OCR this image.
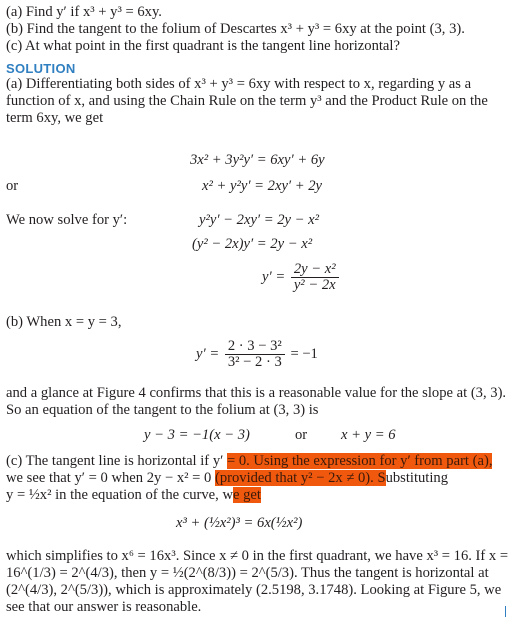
(a) Find y′ if x³ + y³ = 6xy.
(b) Find the tangent to the folium of Descartes x³ + y³ = 6xy at the point (3, 3).
(c) At what point in the first quadrant is the tangent line horizontal?
SOLUTION
(a) Differentiating both sides of x³ + y³ = 6xy with respect to x, regarding y as a function of x, and using the Chain Rule on the term y³ and the Product Rule on the term 6xy, we get
3x² + 3y²y′ = 6xy′ + 6y
or	x² + y²y′ = 2xy′ + 2y
We now solve for y′:	y²y′ − 2xy′ = 2y − x²
(y² − 2x)y′ = 2y − x²
$y' = \frac{\text{2y − x²}}{\text{y² − 2x}}$
(b) When x = y = 3,
$y' = \frac{\text{2 · 3 − 3²}}{\text{3² − 2 · 3}} = -1$
and a glance at Figure 4 confirms that this is a reasonable value for the slope at (3, 3). So an equation of the tangent to the folium at (3, 3) is
y − 3 = −1(x − 3)	or x + y = 6
(c) The tangent line is horizontal if y′ = 0. Using the expression for y′ from part (a),
we see that y′ = 0 when 2y − x² = 0 (provided that y² − 2x ≠ 0). Substituting
y = ½x² in the equation of the curve, we get
x³ + (½x²)³ = 6x(½x²)
which simplifies to x⁶ = 16x³. Since x ≠ 0 in the first quadrant, we have x³ = 16. If x = 16^(1/3) = 2^(4/3), then y = ½(2^(8/3)) = 2^(5/3). Thus the tangent is horizontal at (2^(4/3), 2^(5/3)), which is approximately (2.5198, 3.1748). Looking at Figure 5, we see that our answer is reasonable.
